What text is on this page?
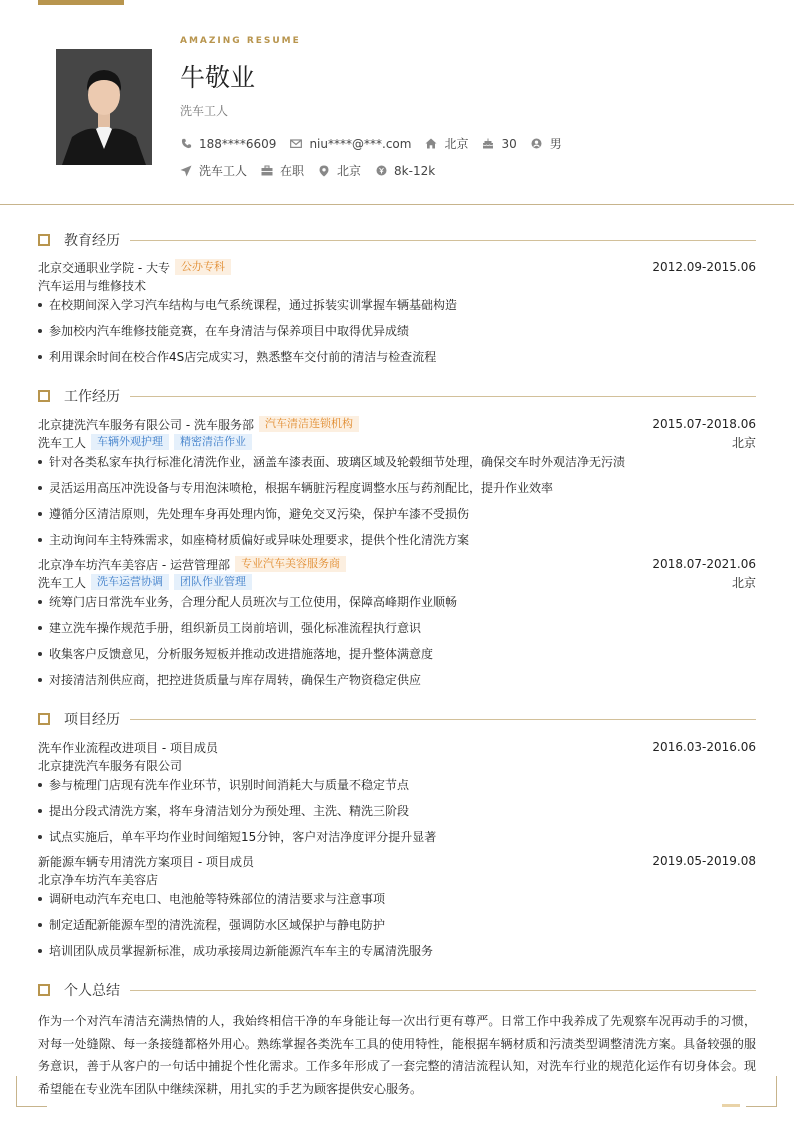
AMAZING RESUME
牛敬业
洗车工人
188****6609	niu****@***.com	北京	30	男
洗车工人	在职	北京	8k-12k
教育经历
北京交通职业学院 - 大专	公办专科	2012.09-2015.06
汽车运用与维修技术
在校期间深入学习汽车结构与电气系统课程，通过拆装实训掌握车辆基础构造
参加校内汽车维修技能竞赛，在车身清洁与保养项目中取得优异成绩
利用课余时间在校合作4S店完成实习，熟悉整车交付前的清洁与检查流程
工作经历
北京捷洗汽车服务有限公司 - 洗车服务部	汽车清洁连锁机构	2015.07-2018.06
洗车工人	车辆外观护理	精密清洁作业	北京
针对各类私家车执行标准化清洗作业，涵盖车漆表面、玻璃区域及轮毂细节处理，确保交车时外观洁净无污渍
灵活运用高压冲洗设备与专用泡沫喷枪，根据车辆脏污程度调整水压与药剂配比，提升作业效率
遵循分区清洁原则，先处理车身再处理内饰，避免交叉污染，保护车漆不受损伤
主动询问车主特殊需求，如座椅材质偏好或异味处理要求，提供个性化清洗方案
北京净车坊汽车美容店 - 运营管理部	专业汽车美容服务商	2018.07-2021.06
洗车工人	洗车运营协调	团队作业管理	北京
统筹门店日常洗车业务，合理分配人员班次与工位使用，保障高峰期作业顺畅
建立洗车操作规范手册，组织新员工岗前培训，强化标准流程执行意识
收集客户反馈意见，分析服务短板并推动改进措施落地，提升整体满意度
对接清洁剂供应商，把控进货质量与库存周转，确保生产物资稳定供应
项目经历
洗车作业流程改进项目 - 项目成员	2016.03-2016.06
北京捷洗汽车服务有限公司
参与梳理门店现有洗车作业环节，识别时间消耗大与质量不稳定节点
提出分段式清洗方案，将车身清洁划分为预处理、主洗、精洗三阶段
试点实施后，单车平均作业时间缩短15分钟，客户对洁净度评分提升显著
新能源车辆专用清洗方案项目 - 项目成员	2019.05-2019.08
北京净车坊汽车美容店
调研电动汽车充电口、电池舱等特殊部位的清洁要求与注意事项
制定适配新能源车型的清洗流程，强调防水区域保护与静电防护
培训团队成员掌握新标准，成功承接周边新能源汽车车主的专属清洗服务
个人总结
作为一个对汽车清洁充满热情的人，我始终相信干净的车身能让每一次出行更有尊严。日常工作中我养成了先观察车况再动手的习惯，对每一处缝隙、每一条接缝都格外用心。熟练掌握各类洗车工具的使用特性，能根据车辆材质和污渍类型调整清洗方案。具备较强的服务意识，善于从客户的一句话中捕捉个性化需求。工作多年形成了一套完整的清洁流程认知，对洗车行业的规范化运作有切身体会。现希望能在专业洗车团队中继续深耕，用扎实的手艺为顾客提供安心服务。
